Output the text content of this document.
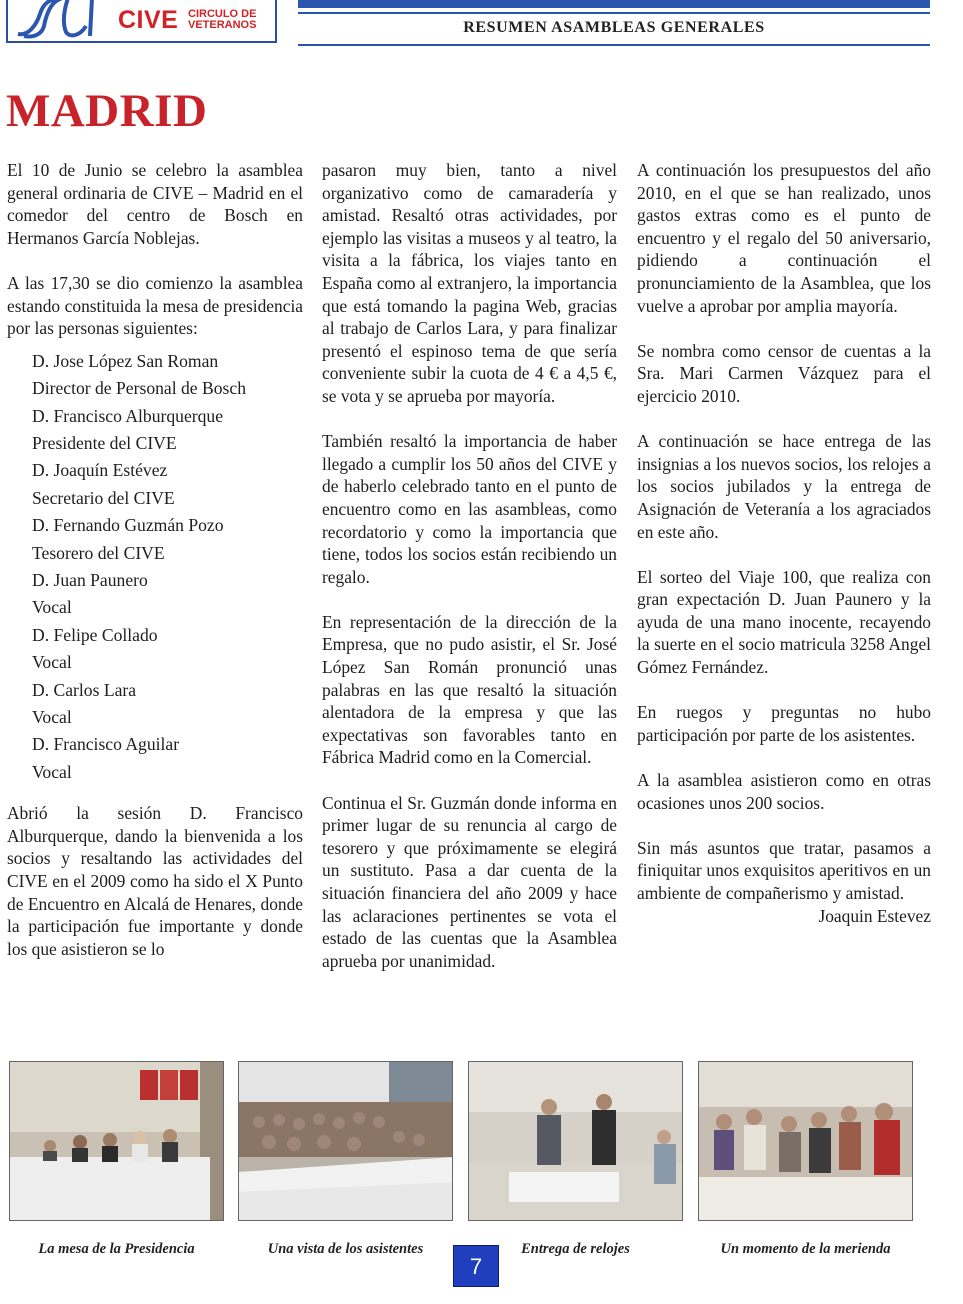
CIVE CIRCULO DE
VETERANOS	RESUMEN ASAMBLEAS GENERALES
MADRID

El 10 de Junio se celebro la asamblea general ordinaria de CIVE – Madrid en el comedor del centro de Bosch en Hermanos García Noblejas.

A las 17,30 se dio comienzo la asamblea estando constituida la mesa de presidencia por las personas siguientes:

D. Jose López San Roman
Director de Personal de Bosch
D. Francisco Alburquerque
Presidente del CIVE
D. Joaquín Estévez
Secretario del CIVE
D. Fernando Guzmán Pozo
Tesorero del CIVE
D. Juan Paunero
Vocal
D. Felipe Collado
Vocal
D. Carlos Lara
Vocal
D. Francisco Aguilar
Vocal

Abrió la sesión D. Francisco Alburquerque, dando la bienvenida a los socios y resaltando las actividades del CIVE en el 2009 como ha sido el X Punto de Encuentro en Alcalá de Henares, donde la participación fue importante y donde los que asistieron se lo

pasaron muy bien, tanto a nivel organizativo como de camaradería y amistad. Resaltó otras actividades, por ejemplo las visitas a museos y al teatro, la visita a la fábrica, los viajes tanto en España como al extranjero, la importancia que está tomando la pagina Web, gracias al trabajo de Carlos Lara, y para finalizar presentó el espinoso tema de que sería conveniente subir la cuota de 4 € a 4,5 €, se vota y se aprueba por mayoría.

También resaltó la importancia de haber llegado a cumplir los 50 años del CIVE y de haberlo celebrado tanto en el punto de encuentro como en las asambleas, como recordatorio y como la importancia que tiene, todos los socios están recibiendo un regalo.

En representación de la dirección de la Empresa, que no pudo asistir, el Sr. José López San Román pronunció unas palabras en las que resaltó la situación alentadora de la empresa y que las expectativas son favorables tanto en Fábrica Madrid como en la Comercial.

Continua el Sr. Guzmán donde informa en primer lugar de su renuncia al cargo de tesorero y que próximamente se elegirá un sustituto. Pasa a dar cuenta de la situación financiera del año 2009 y hace las aclaraciones pertinentes se vota el estado de las cuentas que la Asamblea aprueba por unanimidad.

A continuación los presupuestos del año 2010, en el que se han realizado, unos gastos extras como es el punto de encuentro y el regalo del 50 aniversario, pidiendo a continuación el pronunciamiento de la Asamblea, que los vuelve a aprobar por amplia mayoría.

Se nombra como censor de cuentas a la Sra. Mari Carmen Vázquez para el ejercicio 2010.

A continuación se hace entrega de las insignias a los nuevos socios, los relojes a los socios jubilados y la entrega de Asignación de Veteranía a los agraciados en este año.

El sorteo del Viaje 100, que realiza con gran expectación D. Juan Paunero y la ayuda de una mano inocente, recayendo la suerte en el socio matricula 3258 Angel Gómez Fernández.

En ruegos y preguntas no hubo participación por parte de los asistentes.

A la asamblea asistieron como en otras ocasiones unos 200 socios.

Sin más asuntos que tratar, pasamos a finiquitar unos exquisitos aperitivos en un ambiente de compañerismo y amistad.

Joaquin Estevez

La mesa de la Presidencia	Una vista de los asistentes	Entrega de relojes	Un momento de la merienda
7
